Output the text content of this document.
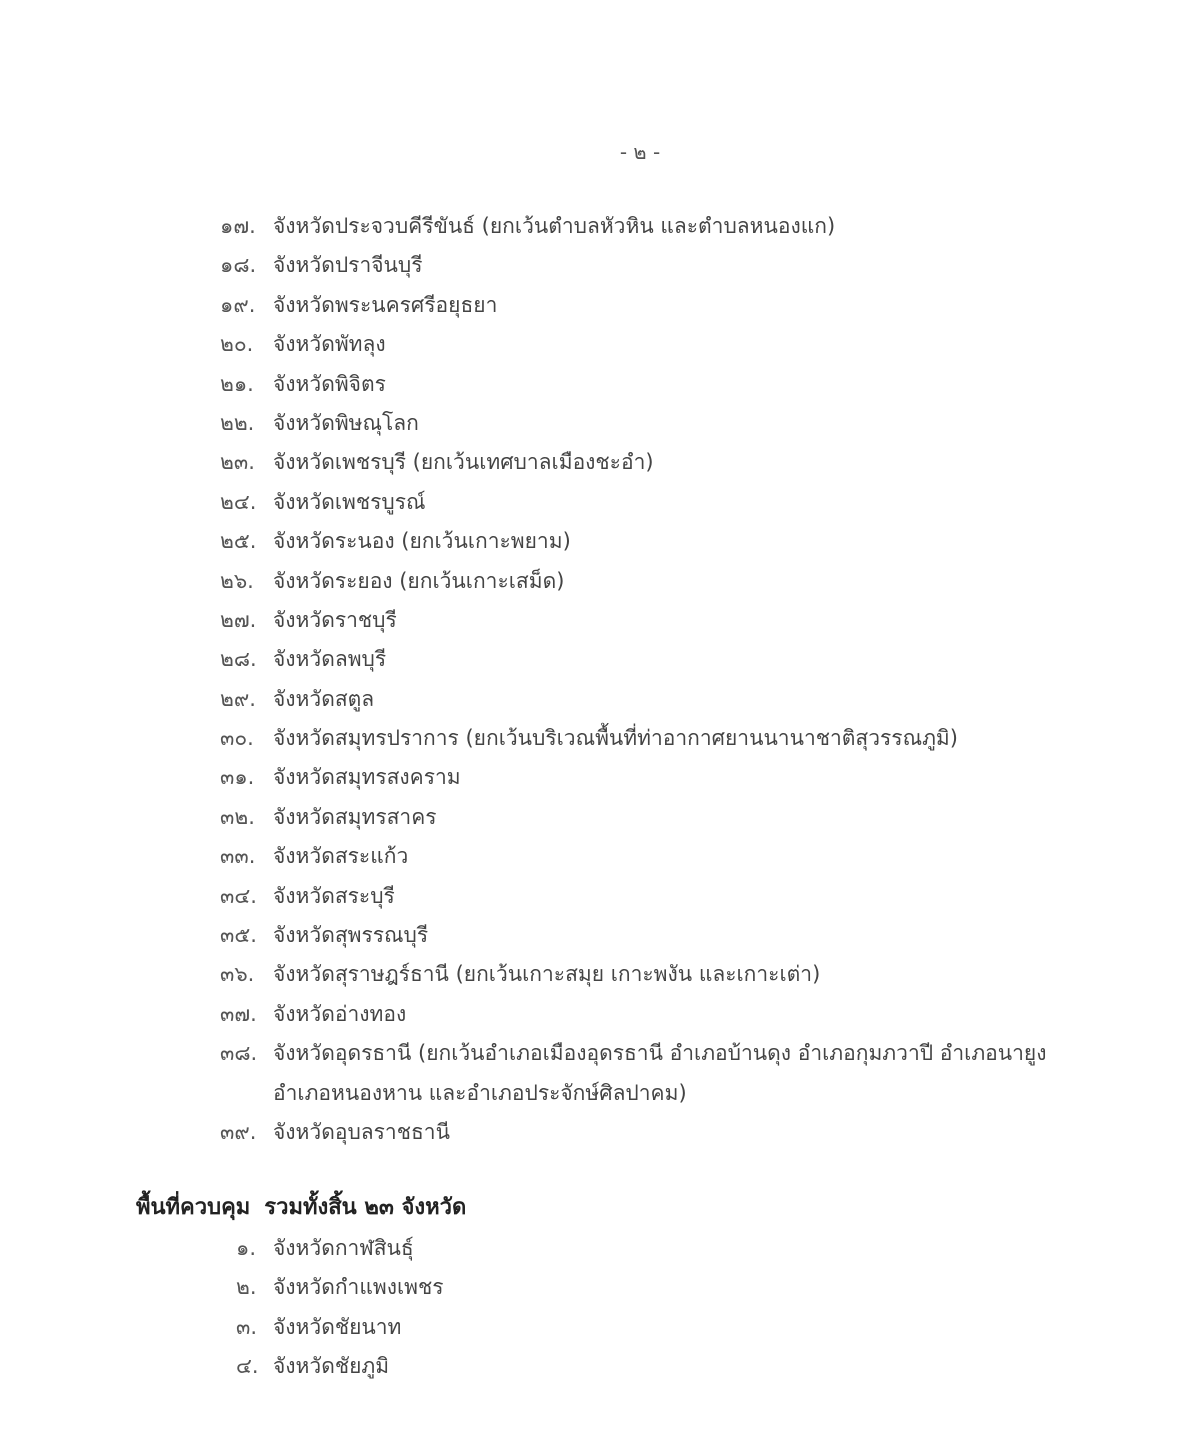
- ๒ -
๑๗. จังหวัดประจวบคีรีขันธ์ (ยกเว้นตำบลหัวหิน และตำบลหนองแก)
๑๘. จังหวัดปราจีนบุรี
๑๙. จังหวัดพระนครศรีอยุธยา
๒๐. จังหวัดพัทลุง
๒๑. จังหวัดพิจิตร
๒๒. จังหวัดพิษณุโลก
๒๓. จังหวัดเพชรบุรี (ยกเว้นเทศบาลเมืองชะอำ)
๒๔. จังหวัดเพชรบูรณ์
๒๕. จังหวัดระนอง (ยกเว้นเกาะพยาม)
๒๖. จังหวัดระยอง (ยกเว้นเกาะเสม็ด)
๒๗. จังหวัดราชบุรี
๒๘. จังหวัดลพบุรี
๒๙. จังหวัดสตูล
๓๐. จังหวัดสมุทรปราการ (ยกเว้นบริเวณพื้นที่ท่าอากาศยานนานาชาติสุวรรณภูมิ)
๓๑. จังหวัดสมุทรสงคราม
๓๒. จังหวัดสมุทรสาคร
๓๓. จังหวัดสระแก้ว
๓๔. จังหวัดสระบุรี
๓๕. จังหวัดสุพรรณบุรี
๓๖. จังหวัดสุราษฎร์ธานี (ยกเว้นเกาะสมุย เกาะพงัน และเกาะเต่า)
๓๗. จังหวัดอ่างทอง
๓๘. จังหวัดอุดรธานี (ยกเว้นอำเภอเมืองอุดรธานี อำเภอบ้านดุง อำเภอกุมภวาปี อำเภอนายูง อำเภอหนองหาน และอำเภอประจักษ์ศิลปาคม)
๓๙. จังหวัดอุบลราชธานี
พื้นที่ควบคุม รวมทั้งสิ้น ๒๓ จังหวัด
๑. จังหวัดกาฬสินธุ์
๒. จังหวัดกำแพงเพชร
๓. จังหวัดชัยนาท
๔. จังหวัดชัยภูมิ
